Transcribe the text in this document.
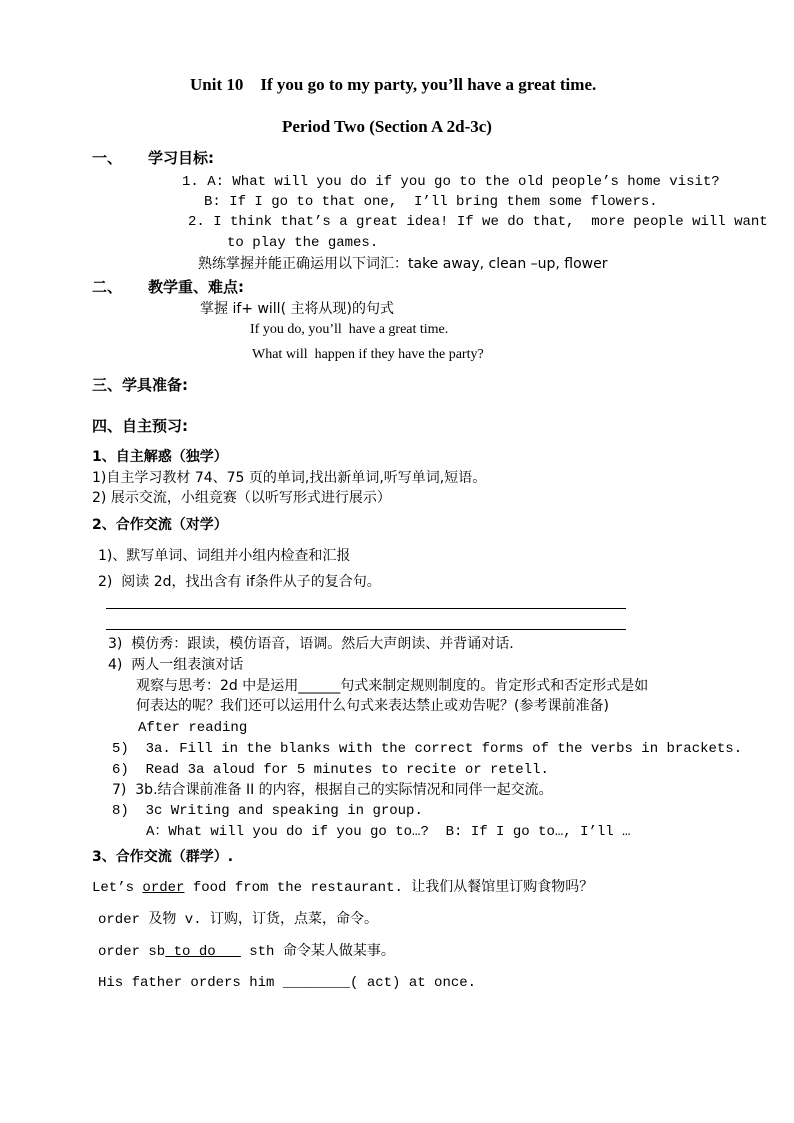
Unit 10    If you go to my party, you’ll have a great time.
Period Two (Section A 2d-3c)
一、 学习目标:
1. A: What will you do if you go to the old people’s home visit?
B: If I go to that one,  I’ll bring them some flowers.
2. I think that’s a great idea! If we do that,  more people will want
to play the games.
熟练掌握并能正确运用以下词汇：take away, clean –up, flower
二、 教学重、难点:
掌握 if+ will( 主将从现)的句式
If you do, you’ll  have a great time.
What will  happen if they have the party?
三、学具准备:
四、自主预习:
1、自主解惑（独学）
1)自主学习教材 74、75 页的单词,找出新单词,听写单词,短语。
2) 展示交流，小组竞赛（以听写形式进行展示）
2、合作交流（对学）
1)、默写单词、词组并小组内检查和汇报
2)  阅读 2d，找出含有 if条件从子的复合句。
3)  模仿秀：跟读，模仿语音，语调。然后大声朗读、并背诵对话.
4)  两人一组表演对话
观察与思考：2d 中是运用______句式来制定规则制度的。肯定形式和否定形式是如
何表达的呢？我们还可以运用什么句式来表达禁止或劝告呢？(参考课前准备)
After reading
5)  3a. Fill in the blanks with the correct forms of the verbs in brackets.
6)  Read 3a aloud for 5 minutes to recite or retell.
7)  3b.结合课前准备 II 的内容，根据自己的实际情况和同伴一起交流。
8)  3c Writing and speaking in group.
A：What will you do if you go to…?  B: If I go to…, I’ll …
3、合作交流（群学）.
Let’s order food from the restaurant. 让我们从餐馆里订购食物吗？
order 及物 v. 订购，订货，点菜，命令。
order sb to do    sth 命令某人做某事。
His father orders him ________( act) at once.
